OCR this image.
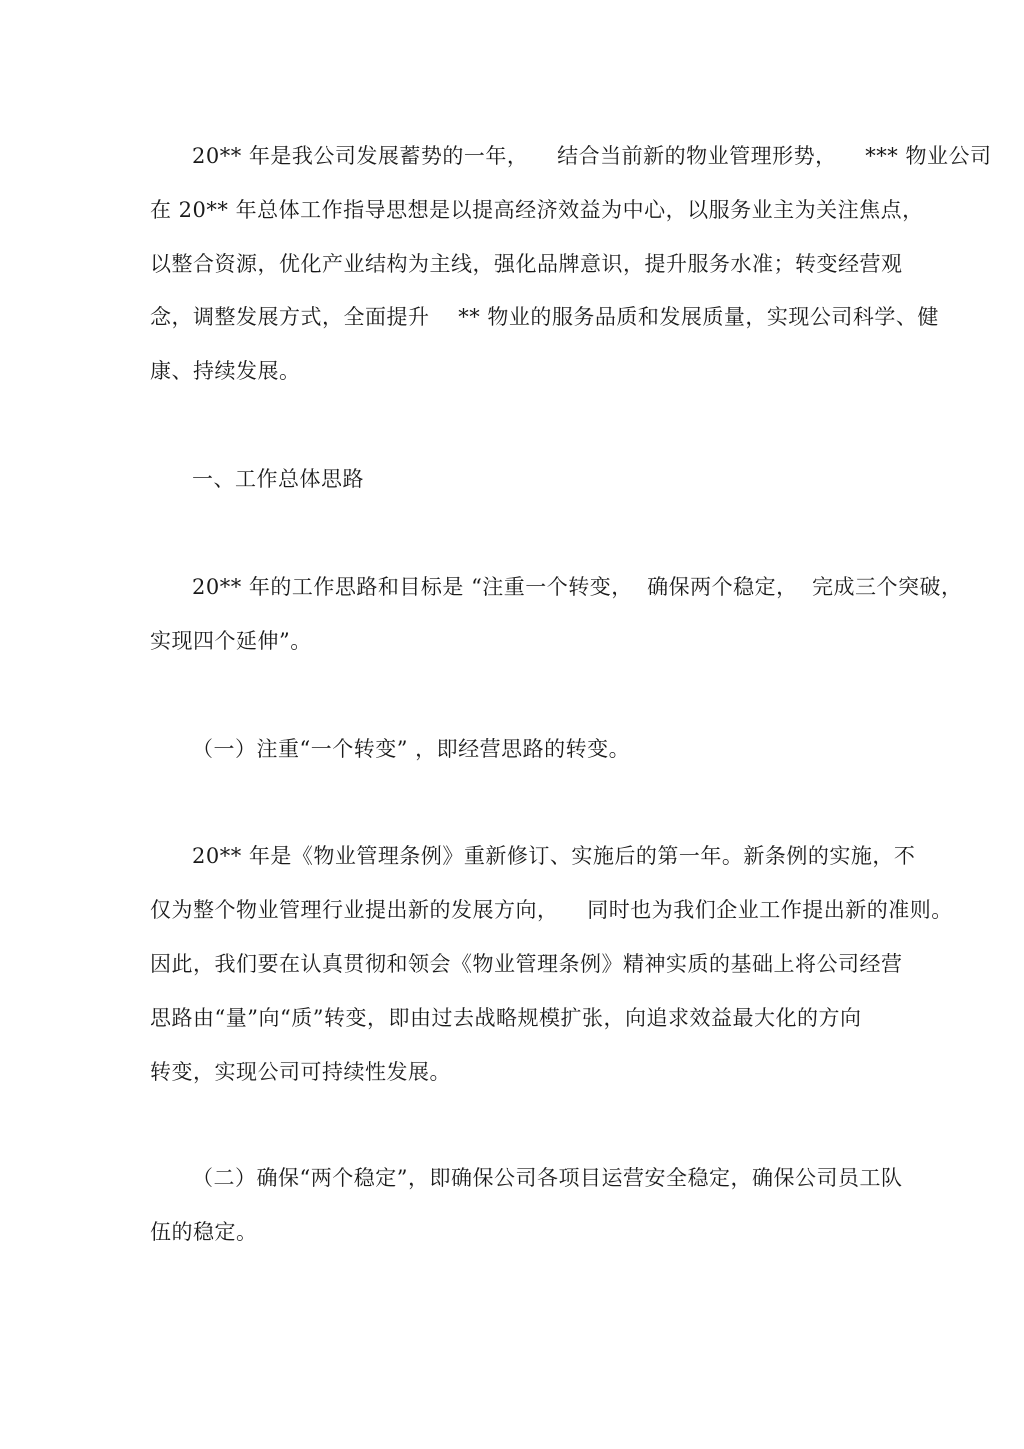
20** 年是我公司发展蓄势的一年，    结合当前新的物业管理形势，    *** 物业公司
在 20** 年总体工作指导思想是以提高经济效益为中心，以服务业主为关注焦点，
以整合资源，优化产业结构为主线，强化品牌意识，提升服务水准；转变经营观
念，调整发展方式，全面提升    ** 物业的服务品质和发展质量，实现公司科学、健
康、持续发展。
一、工作总体思路
20** 年的工作思路和目标是 “注重一个转变，  确保两个稳定，  完成三个突破，
实现四个延伸”。
（一）注重“一个转变” ，即经营思路的转变。
20** 年是《物业管理条例》重新修订、实施后的第一年。新条例的实施，不
仅为整个物业管理行业提出新的发展方向，    同时也为我们企业工作提出新的准则。
因此，我们要在认真贯彻和领会《物业管理条例》精神实质的基础上将公司经营
思路由“量”向“质”转变，即由过去战略规模扩张，向追求效益最大化的方向
转变，实现公司可持续性发展。
（二）确保“两个稳定”，即确保公司各项目运营安全稳定，确保公司员工队
伍的稳定。
